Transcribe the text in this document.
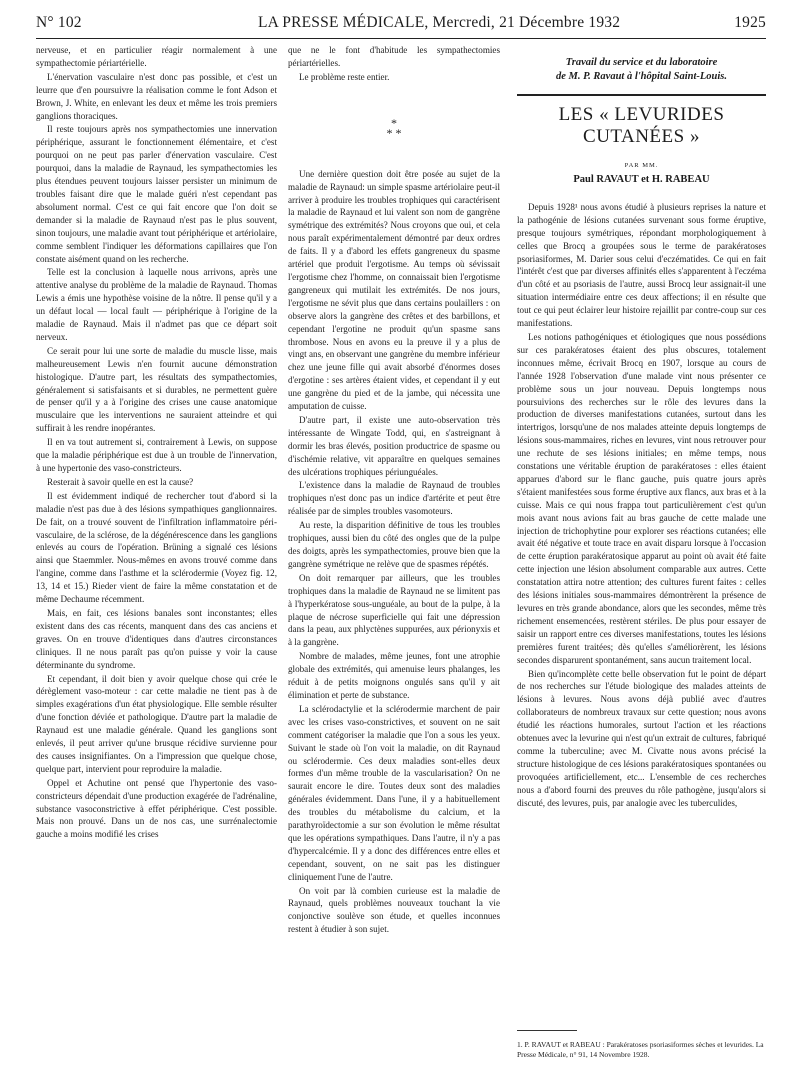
N° 102	LA PRESSE MÉDICALE, Mercredi, 21 Décembre 1932	1925

nerveuse, et en particulier réagir normalement à une sympathectomie périartérielle.

L'énervation vasculaire n'est donc pas possible, et c'est un leurre que d'en poursuivre la réalisation comme le font Adson et Brown, J. White, en enlevant les deux et même les trois premiers ganglions thoraciques.

Il reste toujours après nos sympathectomies une innervation périphérique, assurant le fonctionnement élémentaire, et c'est pourquoi on ne peut pas parler d'énervation vasculaire. C'est pourquoi, dans la maladie de Raynaud, les sympathectomies les plus étendues peuvent toujours laisser persister un minimum de troubles faisant dire que le malade guéri n'est cependant pas absolument normal. C'est ce qui fait encore que l'on doit se demander si la maladie de Raynaud n'est pas le plus souvent, sinon toujours, une maladie avant tout périphérique et artériolaire, comme semblent l'indiquer les déformations capillaires que l'on constate aisément quand on les recherche.

Telle est la conclusion à laquelle nous arrivons, après une attentive analyse du problème de la maladie de Raynaud. Thomas Lewis a émis une hypothèse voisine de la nôtre. Il pense qu'il y a un défaut local — local fault — périphérique à l'origine de la maladie de Raynaud. Mais il n'admet pas que ce départ soit nerveux.

Ce serait pour lui une sorte de maladie du muscle lisse, mais malheureusement Lewis n'en fournit aucune démonstration histologique. D'autre part, les résultats des sympathectomies, généralement si satisfaisants et si durables, ne permettent guère de penser qu'il y a à l'origine des crises une cause anatomique musculaire que les interventions ne sauraient atteindre et qui suffirait à les rendre inopérantes.

Il en va tout autrement si, contrairement à Lewis, on suppose que la maladie périphérique est due à un trouble de l'innervation, à une hypertonie des vaso-constricteurs.

Resterait à savoir quelle en est la cause?

Il est évidemment indiqué de rechercher tout d'abord si la maladie n'est pas due à des lésions sympathiques ganglionnaires. De fait, on a trouvé souvent de l'infiltration inflammatoire péri-vasculaire, de la sclérose, de la dégénérescence dans les ganglions enlevés au cours de l'opération. Brüning a signalé ces lésions ainsi que Staemmler. Nous-mêmes en avons trouvé comme dans l'angine, comme dans l'asthme et la sclérodermie (Voyez fig. 12, 13, 14 et 15.) Rieder vient de faire la même constatation et de même Dechaume récemment.

Mais, en fait, ces lésions banales sont inconstantes; elles existent dans des cas récents, manquent dans des cas anciens et graves. On en trouve d'identiques dans d'autres circonstances cliniques. Il ne nous paraît pas qu'on puisse y voir la cause déterminante du syndrome.

Et cependant, il doit bien y avoir quelque chose qui crée le dérèglement vaso-moteur : car cette maladie ne tient pas à de simples exagérations d'un état physiologique. Elle semble résulter d'une fonction déviée et pathologique. D'autre part la maladie de Raynaud est une maladie générale. Quand les ganglions sont enlevés, il peut arriver qu'une brusque récidive survienne pour des causes insignifiantes. On a l'impression que quelque chose, quelque part, intervient pour reproduire la maladie.

Oppel et Achutine ont pensé que l'hypertonie des vaso-constricteurs dépendait d'une production exagérée de l'adrénaline, substance vasoconstrictive à effet périphérique. C'est possible. Mais non prouvé. Dans un de nos cas, une surrénalectomie gauche a moins modifié les crises

que ne le font d'habitude les sympathectomies périartérielles.

Le problème reste entier.

*
* *

Une dernière question doit être posée au sujet de la maladie de Raynaud: un simple spasme artériolaire peut-il arriver à produire les troubles trophiques qui caractérisent la maladie de Raynaud et lui valent son nom de gangrène symétrique des extrémités? Nous croyons que oui, et cela nous paraît expérimentalement démontré par deux ordres de faits. Il y a d'abord les effets gangreneux du spasme artériel que produit l'ergotisme. Au temps où sévissait l'ergotisme chez l'homme, on connaissait bien l'ergotisme gangreneux qui mutilait les extrémités. De nos jours, l'ergotisme ne sévit plus que dans certains poulaillers : on observe alors la gangrène des crêtes et des barbillons, et cependant l'ergotine ne produit qu'un spasme sans thrombose. Nous en avons eu la preuve il y a plus de vingt ans, en observant une gangrène du membre inférieur chez une jeune fille qui avait absorbé d'énormes doses d'ergotine : ses artères étaient vides, et cependant il y eut une gangrène du pied et de la jambe, qui nécessita une amputation de cuisse.

D'autre part, il existe une auto-observation très intéressante de Wingate Todd, qui, en s'astreignant à dormir les bras élevés, position productrice de spasme ou d'ischémie relative, vit apparaître en quelques semaines des ulcérations trophiques périunguéales.

L'existence dans la maladie de Raynaud de troubles trophiques n'est donc pas un indice d'artérite et peut être réalisée par de simples troubles vasomoteurs.

Au reste, la disparition définitive de tous les troubles trophiques, aussi bien du côté des ongles que de la pulpe des doigts, après les sympathectomies, prouve bien que la gangrène symétrique ne relève que de spasmes répétés.

On doit remarquer par ailleurs, que les troubles trophiques dans la maladie de Raynaud ne se limitent pas à l'hyperkératose sous-unguéale, au bout de la pulpe, à la plaque de nécrose superficielle qui fait une dépression dans la peau, aux phlyctènes suppurées, aux périonyxis et à la gangrène.

Nombre de malades, même jeunes, font une atrophie globale des extrémités, qui amenuise leurs phalanges, les réduit à de petits moignons ongulés sans qu'il y ait élimination et perte de substance.

La sclérodactylie et la sclérodermie marchent de pair avec les crises vaso-constrictives, et souvent on ne sait comment catégoriser la maladie que l'on a sous les yeux. Suivant le stade où l'on voit la maladie, on dit Raynaud ou sclérodermie. Ces deux maladies sont-elles deux formes d'un même trouble de la vascularisation? On ne saurait encore le dire. Toutes deux sont des maladies générales évidemment. Dans l'une, il y a habituellement des troubles du métabolisme du calcium, et la parathyroïdectomie a sur son évolution le même résultat que les opérations sympathiques. Dans l'autre, il n'y a pas d'hypercalcémie. Il y a donc des différences entre elles et cependant, souvent, on ne sait pas les distinguer cliniquement l'une de l'autre.

On voit par là combien curieuse est la maladie de Raynaud, quels problèmes nouveaux touchant la vie conjonctive soulève son étude, et quelles inconnues restent à étudier à son sujet.

Travail du service et du laboratoire
de M. P. Ravaut à l'hôpital Saint-Louis.
LES « LEVURIDES CUTANÉES »
PAR MM.
Paul RAVAUT et H. RABEAU

Depuis 1928¹ nous avons étudié à plusieurs reprises la nature et la pathogénie de lésions cutanées survenant sous forme éruptive, presque toujours symétriques, répondant morphologiquement à celles que Brocq a groupées sous le terme de parakératoses psoriasiformes, M. Darier sous celui d'eczématides. Ce qui en fait l'intérêt c'est que par diverses affinités elles s'apparentent à l'eczéma d'un côté et au psoriasis de l'autre, aussi Brocq leur assignait-il une situation intermédiaire entre ces deux affections; il en résulte que tout ce qui peut éclairer leur histoire rejaillit par contre-coup sur ces manifestations.

Les notions pathogéniques et étiologiques que nous possédions sur ces parakératoses étaient des plus obscures, totalement inconnues même, écrivait Brocq en 1907, lorsque au cours de l'année 1928 l'observation d'une malade vint nous présenter ce problème sous un jour nouveau. Depuis longtemps nous poursuivions des recherches sur le rôle des levures dans la production de diverses manifestations cutanées, surtout dans les intertrigos, lorsqu'une de nos malades atteinte depuis longtemps de lésions sous-mammaires, riches en levures, vint nous retrouver pour une rechute de ses lésions initiales; en même temps, nous constations une véritable éruption de parakératoses : elles étaient apparues d'abord sur le flanc gauche, puis quatre jours après s'étaient manifestées sous forme éruptive aux flancs, aux bras et à la cuisse. Mais ce qui nous frappa tout particulièrement c'est qu'un mois avant nous avions fait au bras gauche de cette malade une injection de trichophytine pour explorer ses réactions cutanées; elle avait été négative et toute trace en avait disparu lorsque à l'occasion de cette éruption parakératosique apparut au point où avait été faite cette injection une lésion absolument comparable aux autres. Cette constatation attira notre attention; des cultures furent faites : celles des lésions initiales sous-mammaires démontrèrent la présence de levures en très grande abondance, alors que les secondes, même très richement ensemencées, restèrent stériles. De plus pour essayer de saisir un rapport entre ces diverses manifestations, toutes les lésions premières furent traitées; dès qu'elles s'améliorèrent, les lésions secondes disparurent spontanément, sans aucun traitement local.

Bien qu'incomplète cette belle observation fut le point de départ de nos recherches sur l'étude biologique des malades atteints de lésions à levures. Nous avons déjà publié avec d'autres collaborateurs de nombreux travaux sur cette question; nous avons étudié les réactions humorales, surtout l'action et les réactions obtenues avec la levurine qui n'est qu'un extrait de cultures, fabriqué comme la tuberculine; avec M. Civatte nous avons précisé la structure histologique de ces lésions parakératosiques spontanées ou provoquées artificiellement, etc... L'ensemble de ces recherches nous a d'abord fourni des preuves du rôle pathogène, jusqu'alors si discuté, des levures, puis, par analogie avec les tuberculides,

1. P. RAVAUT et RABEAU : Parakératoses psoriasiformes sèches et levurides. La Presse Médicale, n° 91, 14 Novembre 1928.
